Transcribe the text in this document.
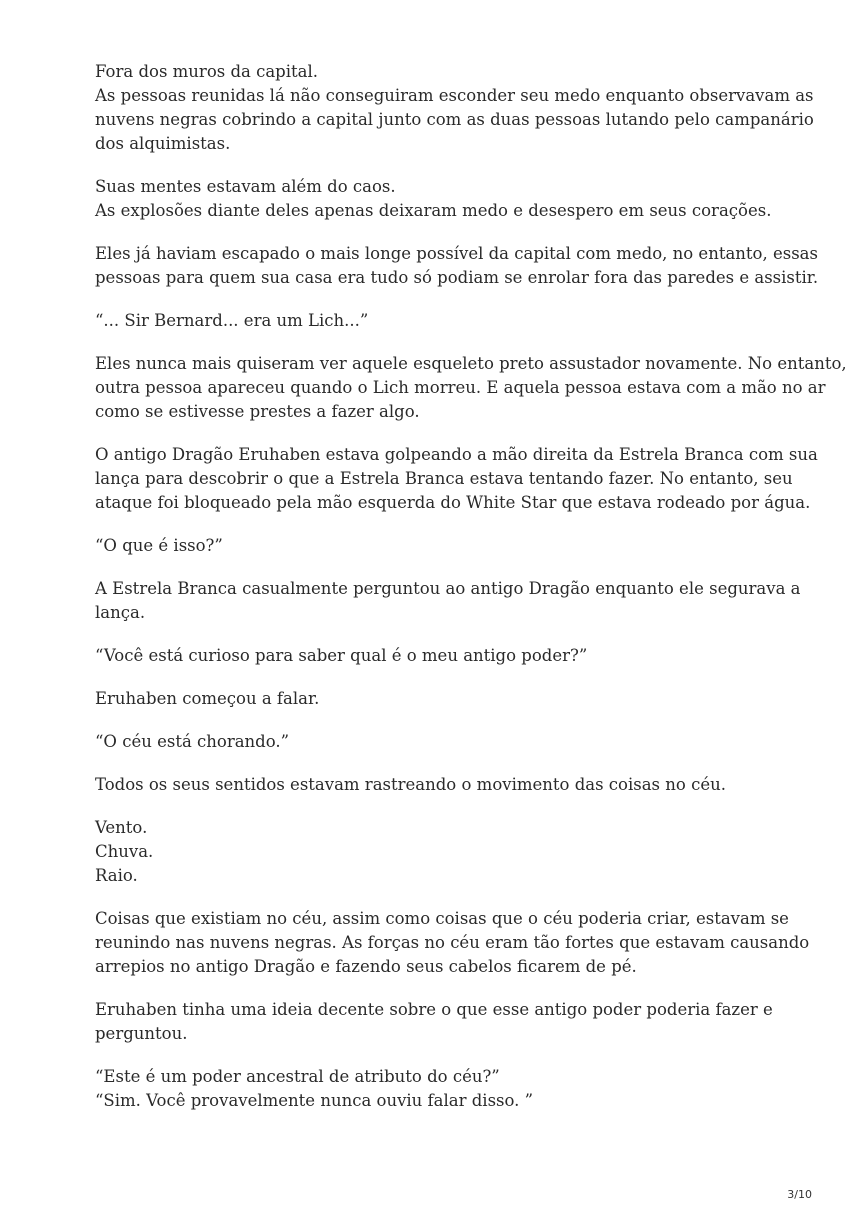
Fora dos muros da capital.
As pessoas reunidas lá não conseguiram esconder seu medo enquanto observavam as
nuvens negras cobrindo a capital junto com as duas pessoas lutando pelo campanário
dos alquimistas.
Suas mentes estavam além do caos.
As explosões diante deles apenas deixaram medo e desespero em seus corações.
Eles já haviam escapado o mais longe possível da capital com medo, no entanto, essas
pessoas para quem sua casa era tudo só podiam se enrolar fora das paredes e assistir.
“... Sir Bernard... era um Lich...”
Eles nunca mais quiseram ver aquele esqueleto preto assustador novamente. No entanto,
outra pessoa apareceu quando o Lich morreu. E aquela pessoa estava com a mão no ar
como se estivesse prestes a fazer algo.
O antigo Dragão Eruhaben estava golpeando a mão direita da Estrela Branca com sua
lança para descobrir o que a Estrela Branca estava tentando fazer. No entanto, seu
ataque foi bloqueado pela mão esquerda do White Star que estava rodeado por água.
“O que é isso?”
A Estrela Branca casualmente perguntou ao antigo Dragão enquanto ele segurava a
lança.
“Você está curioso para saber qual é o meu antigo poder?”
Eruhaben começou a falar.
“O céu está chorando.”
Todos os seus sentidos estavam rastreando o movimento das coisas no céu.
Vento.
Chuva.
Raio.
Coisas que existiam no céu, assim como coisas que o céu poderia criar, estavam se
reunindo nas nuvens negras. As forças no céu eram tão fortes que estavam causando
arrepios no antigo Dragão e fazendo seus cabelos ficarem de pé.
Eruhaben tinha uma ideia decente sobre o que esse antigo poder poderia fazer e
perguntou.
“Este é um poder ancestral de atributo do céu?”
“Sim. Você provavelmente nunca ouviu falar disso. ”
3/10
